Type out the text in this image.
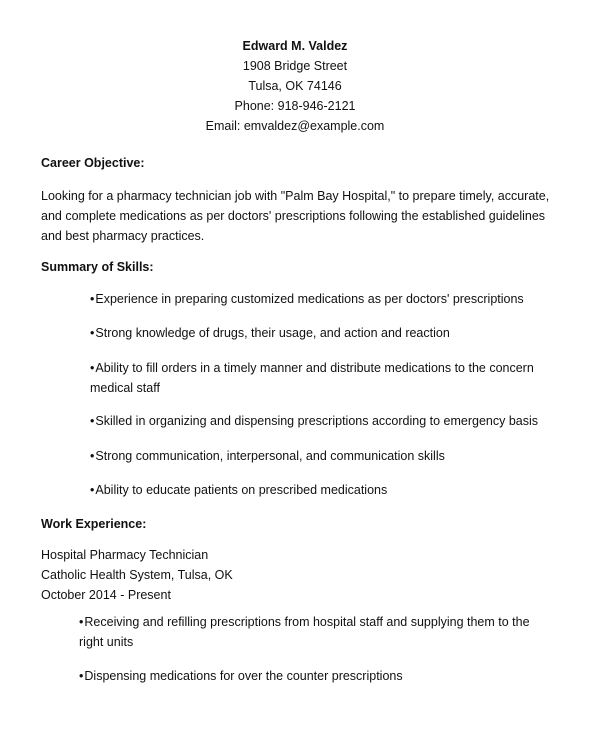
Edward M. Valdez
1908 Bridge Street
Tulsa, OK 74146
Phone: 918-946-2121
Email: emvaldez@example.com
Career Objective:
Looking for a pharmacy technician job with "Palm Bay Hospital," to prepare timely, accurate, and complete medications as per doctors' prescriptions following the established guidelines and best pharmacy practices.
Summary of Skills:
•Experience in preparing customized medications as per doctors' prescriptions
•Strong knowledge of drugs, their usage, and action and reaction
•Ability to fill orders in a timely manner and distribute medications to the concern medical staff
•Skilled in organizing and dispensing prescriptions according to emergency basis
•Strong communication, interpersonal, and communication skills
•Ability to educate patients on prescribed medications
Work Experience:
Hospital Pharmacy Technician
Catholic Health System, Tulsa, OK
October 2014 - Present
•Receiving and refilling prescriptions from hospital staff and supplying them to the right units
•Dispensing medications for over the counter prescriptions
